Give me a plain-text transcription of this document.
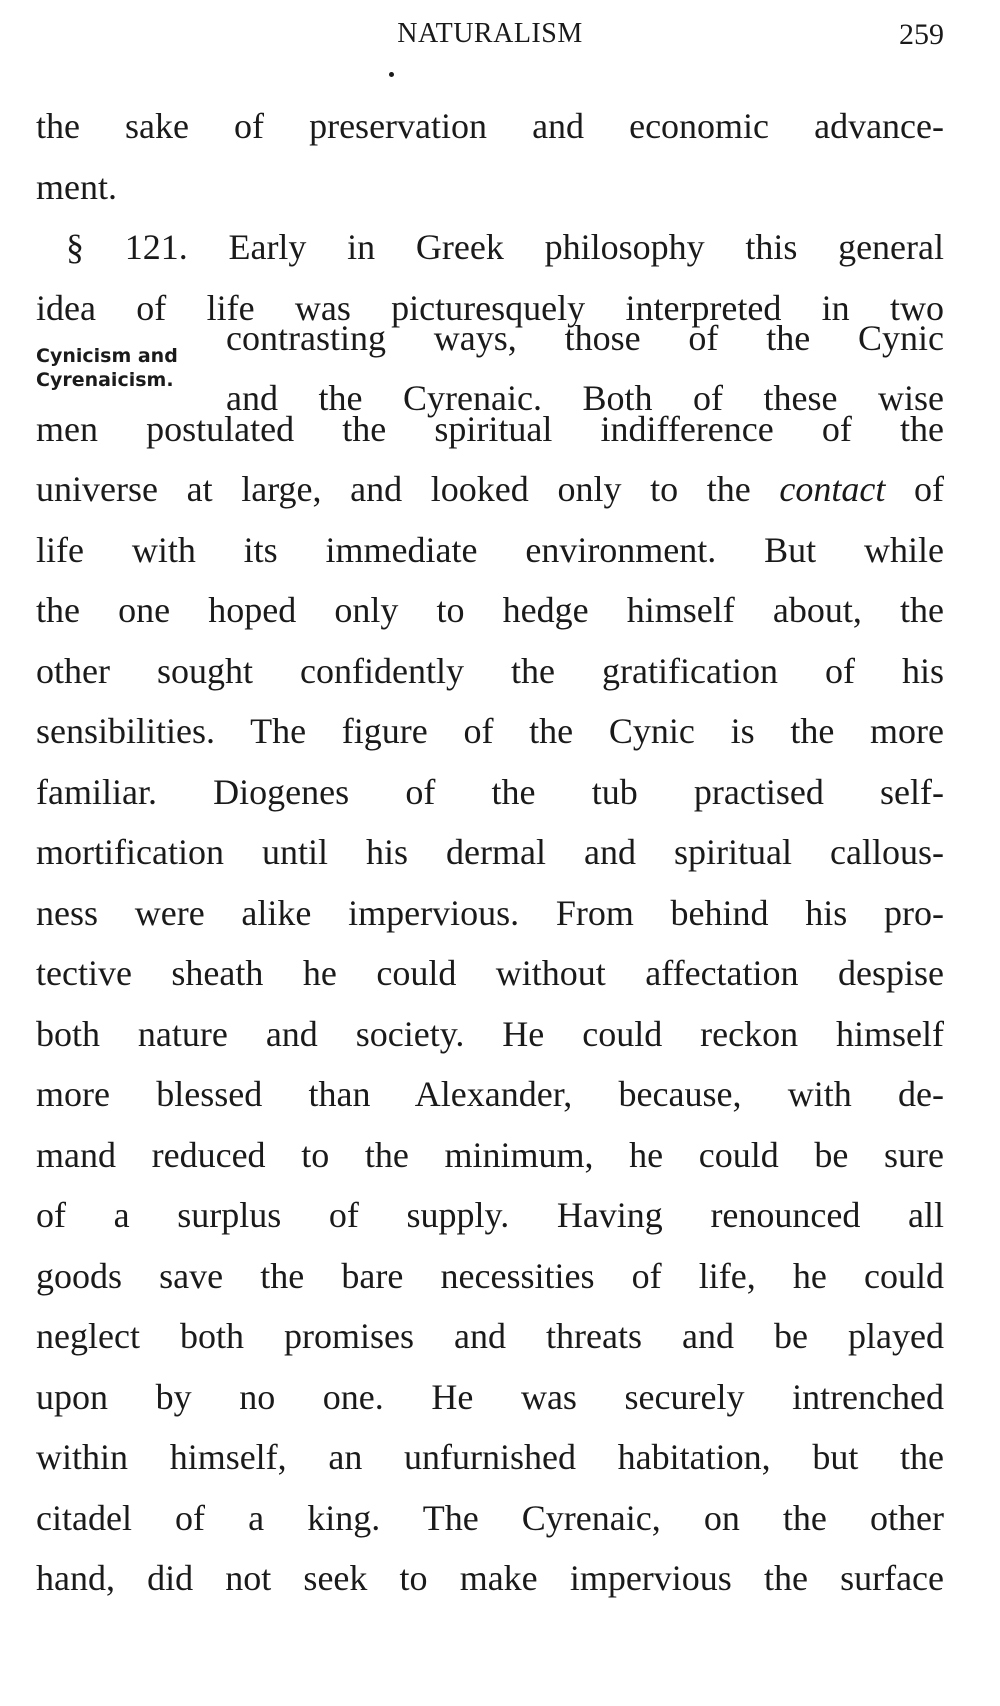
NATURALISM	259
the sake of preservation and economic advance-
ment.
§ 121. Early in Greek philosophy this general
idea of life was picturesquely interpreted in two
Cynicism and
Cyrenaicism.
contrasting ways, those of the Cynic
and the Cyrenaic. Both of these wise
men postulated the spiritual indifference of the
universe at large, and looked only to the contact of
life with its immediate environment. But while
the one hoped only to hedge himself about, the
other sought confidently the gratification of his
sensibilities. The figure of the Cynic is the more
familiar. Diogenes of the tub practised self-
mortification until his dermal and spiritual callous-
ness were alike impervious. From behind his pro-
tective sheath he could without affectation despise
both nature and society. He could reckon himself
more blessed than Alexander, because, with de-
mand reduced to the minimum, he could be sure
of a surplus of supply. Having renounced all
goods save the bare necessities of life, he could
neglect both promises and threats and be played
upon by no one. He was securely intrenched
within himself, an unfurnished habitation, but the
citadel of a king. The Cyrenaic, on the other
hand, did not seek to make impervious the surface
